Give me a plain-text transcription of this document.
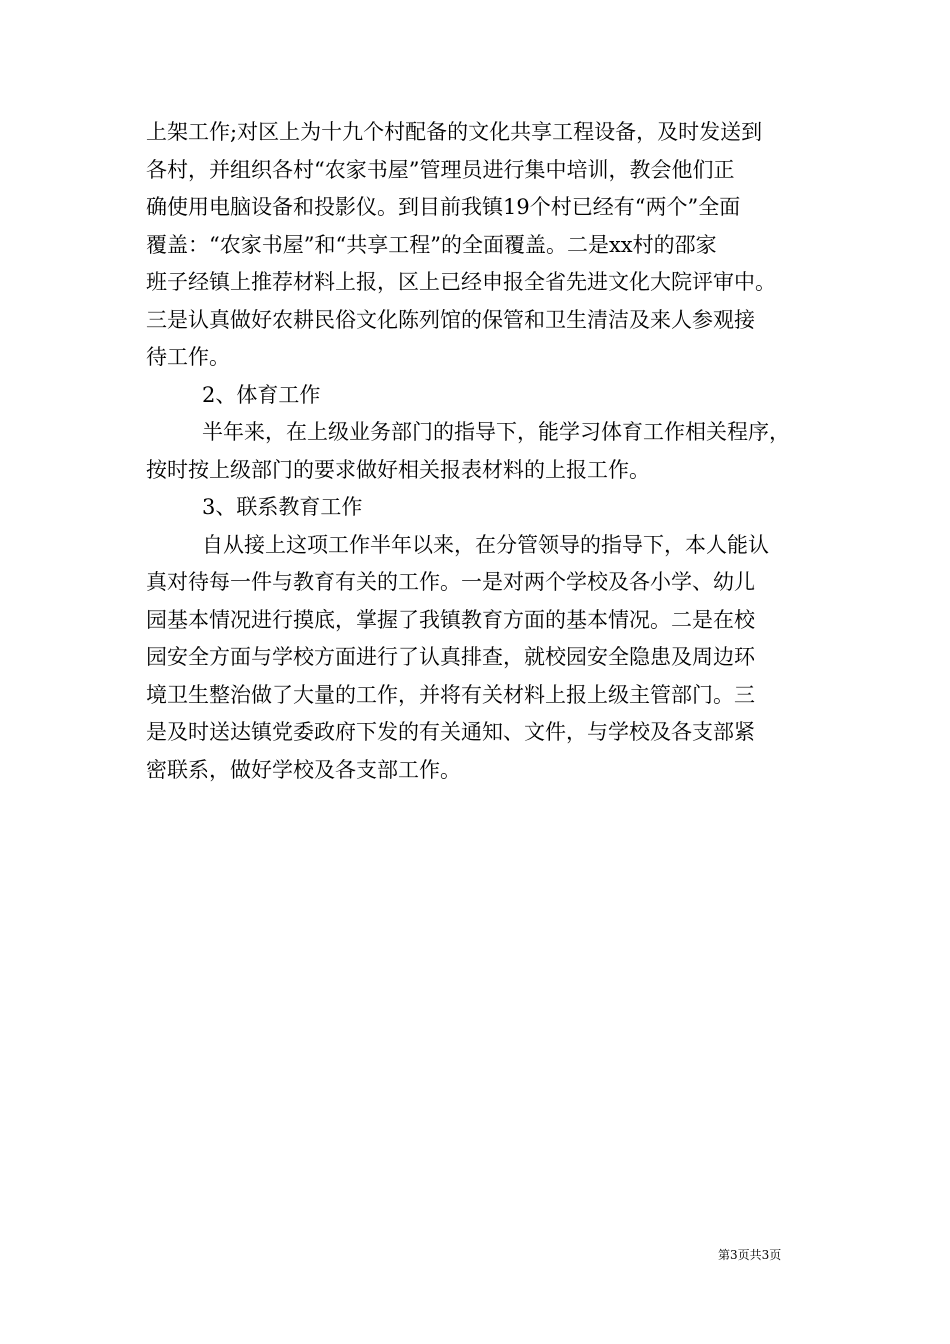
上架工作;对区上为十九个村配备的文化共享工程设备，及时发送到
各村，并组织各村“农家书屋”管理员进行集中培训，教会他们正
确使用电脑设备和投影仪。到目前我镇19个村已经有“两个”全面
覆盖：“农家书屋”和“共享工程”的全面覆盖。二是xx村的邵家
班子经镇上推荐材料上报，区上已经申报全省先进文化大院评审中。
三是认真做好农耕民俗文化陈列馆的保管和卫生清洁及来人参观接
待工作。
2、体育工作
半年来，在上级业务部门的指导下，能学习体育工作相关程序，
按时按上级部门的要求做好相关报表材料的上报工作。
3、联系教育工作
自从接上这项工作半年以来，在分管领导的指导下，本人能认
真对待每一件与教育有关的工作。一是对两个学校及各小学、幼儿
园基本情况进行摸底，掌握了我镇教育方面的基本情况。二是在校
园安全方面与学校方面进行了认真排查，就校园安全隐患及周边环
境卫生整治做了大量的工作，并将有关材料上报上级主管部门。三
是及时送达镇党委政府下发的有关通知、文件，与学校及各支部紧
密联系，做好学校及各支部工作。
第3页共3页
